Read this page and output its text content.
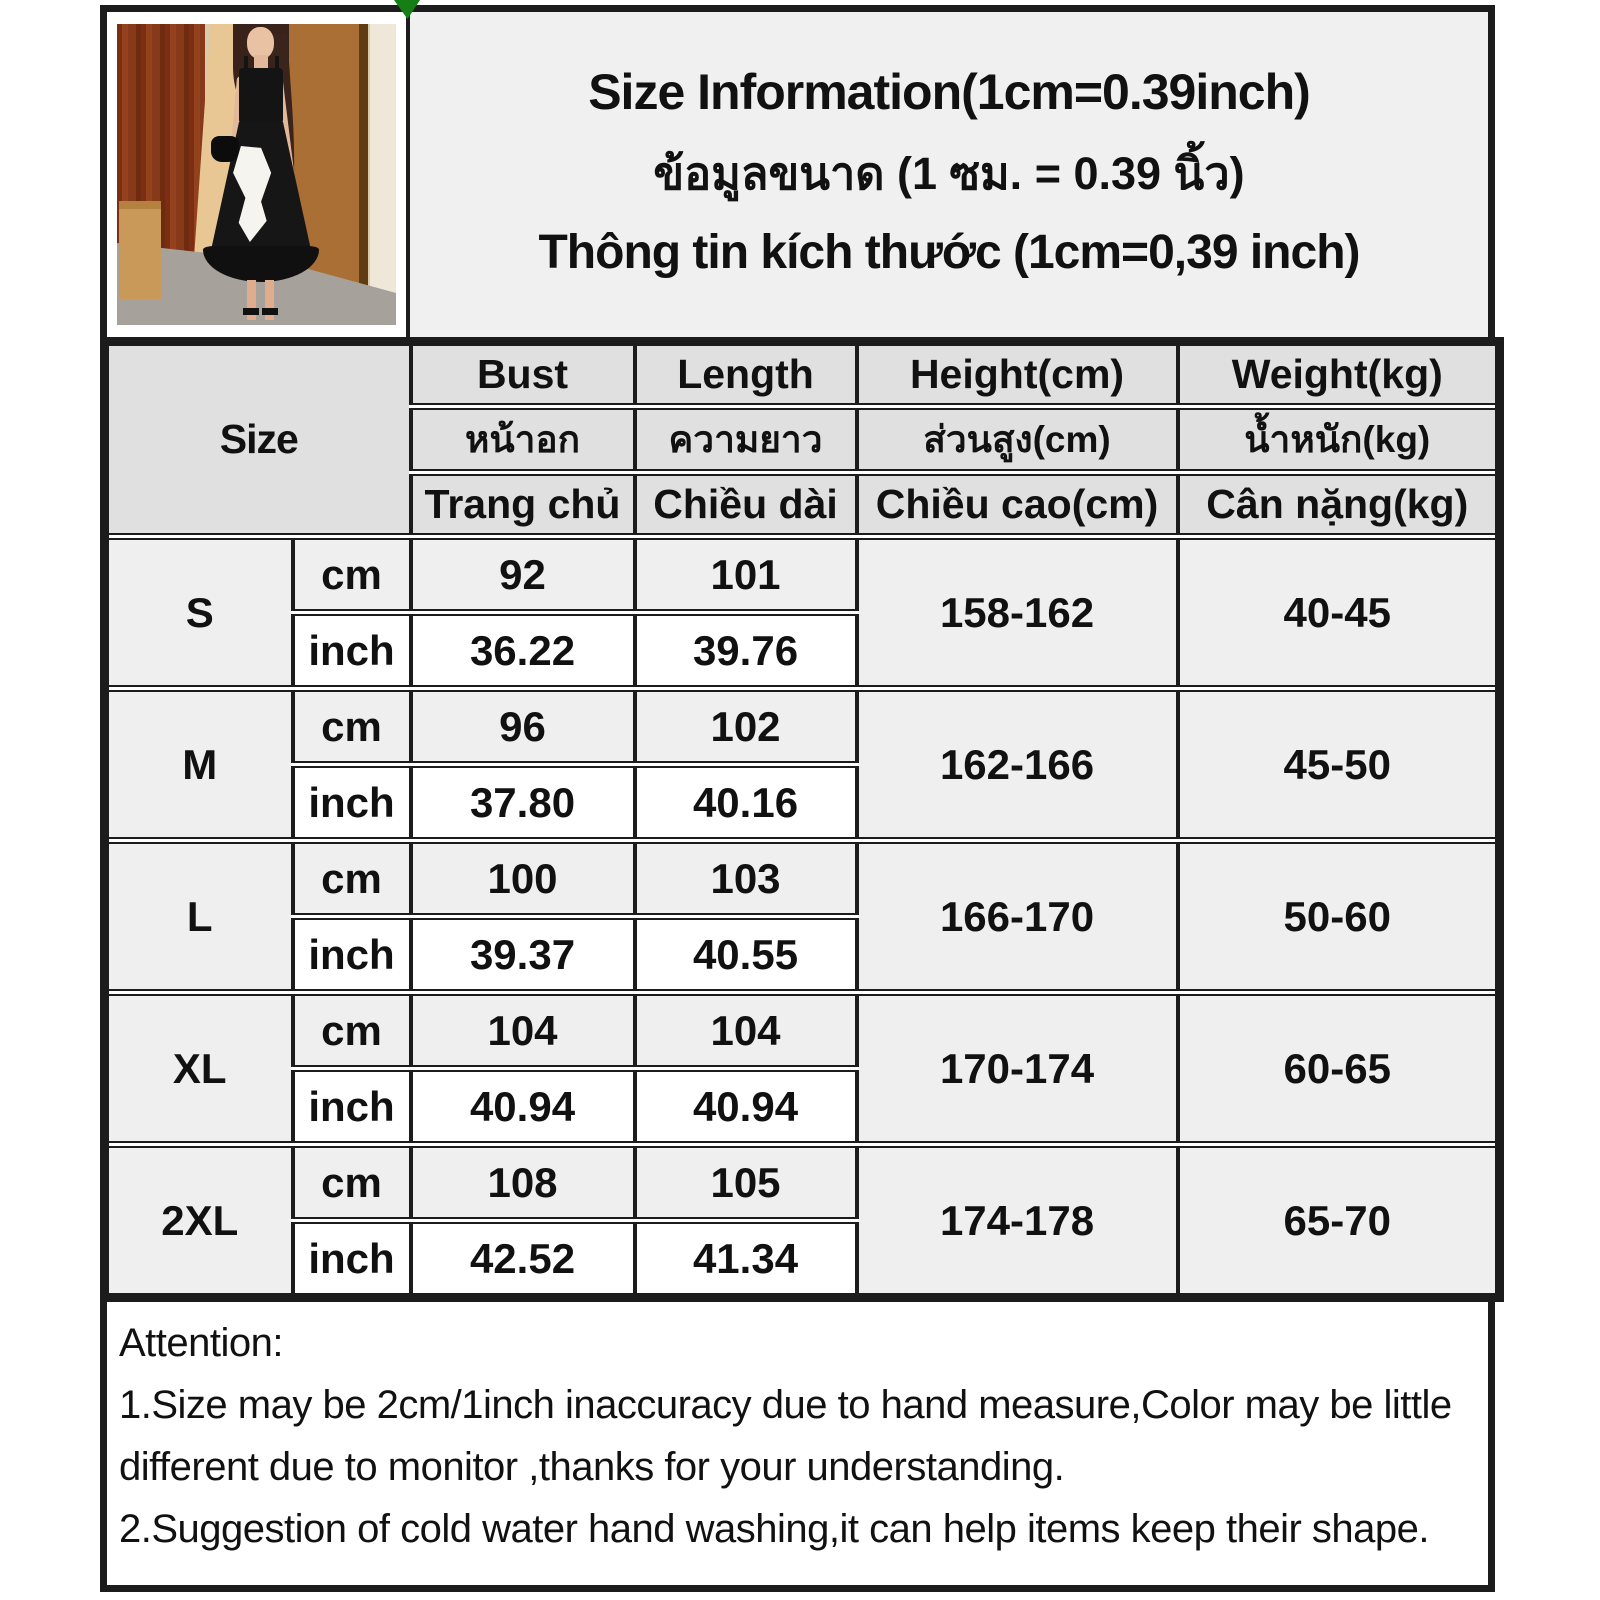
Size Information(1cm=0.39inch)
ข้อมูลขนาด (1 ซม. = 0.39 นิ้ว)
Thông tin kích thước (1cm=0,39 inch)
Size		Bust	Length	Height(cm)	Weight(kg)
		หน้าอก	ความยาว	ส่วนสูง(cm)	น้ำหนัก(kg)
		Trang chủ	Chiều dài	Chiều cao(cm)	Cân nặng(kg)
S	cm	92	101	158-162	40-45
	inch	36.22	39.76		
M	cm	96	102	162-166	45-50
	inch	37.80	40.16		
L	cm	100	103	166-170	50-60
	inch	39.37	40.55		
XL	cm	104	104	170-174	60-65
	inch	40.94	40.94		
2XL	cm	108	105	174-178	65-70
	inch	42.52	41.34		
Attention:
1.Size may be 2cm/1inch inaccuracy due to hand measure,Color may be little different due to monitor ,thanks for your understanding.
2.Suggestion of cold water hand washing,it can help items keep their shape.
